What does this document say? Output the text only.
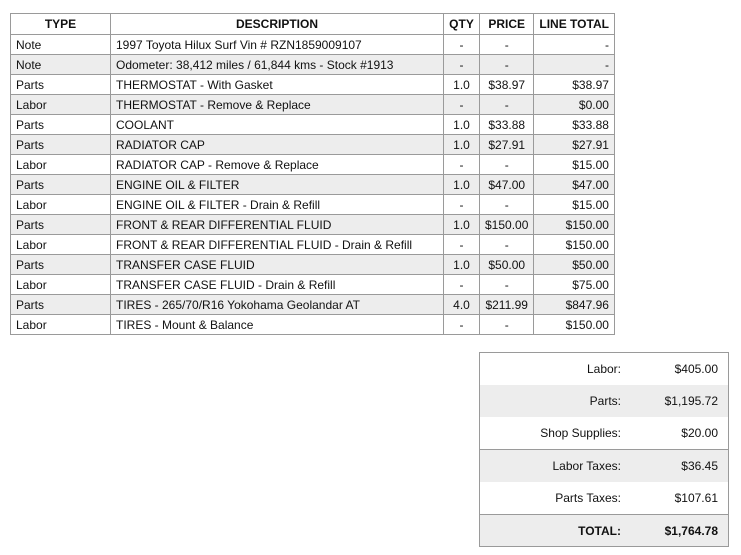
TYPE	DESCRIPTION	QTY	PRICE	LINE TOTAL
Note	1997 Toyota Hilux Surf Vin # RZN1859009107	-	-	-
Note	Odometer: 38,412 miles / 61,844 kms - Stock #1913	-	-	-
Parts	THERMOSTAT - With Gasket	1.0	$38.97	$38.97
Labor	THERMOSTAT - Remove & Replace	-	-	$0.00
Parts	COOLANT	1.0	$33.88	$33.88
Parts	RADIATOR CAP	1.0	$27.91	$27.91
Labor	RADIATOR CAP - Remove & Replace	-	-	$15.00
Parts	ENGINE OIL & FILTER	1.0	$47.00	$47.00
Labor	ENGINE OIL & FILTER - Drain & Refill	-	-	$15.00
Parts	FRONT & REAR DIFFERENTIAL FLUID	1.0	$150.00	$150.00
Labor	FRONT & REAR DIFFERENTIAL FLUID - Drain & Refill	-	-	$150.00
Parts	TRANSFER CASE FLUID	1.0	$50.00	$50.00
Labor	TRANSFER CASE FLUID - Drain & Refill	-	-	$75.00
Parts	TIRES - 265/70/R16 Yokohama Geolandar AT	4.0	$211.99	$847.96
Labor	TIRES - Mount & Balance	-	-	$150.00
Labor:	$405.00
Parts:	$1,195.72
Shop Supplies:	$20.00
Labor Taxes:	$36.45
Parts Taxes:	$107.61
TOTAL:	$1,764.78
